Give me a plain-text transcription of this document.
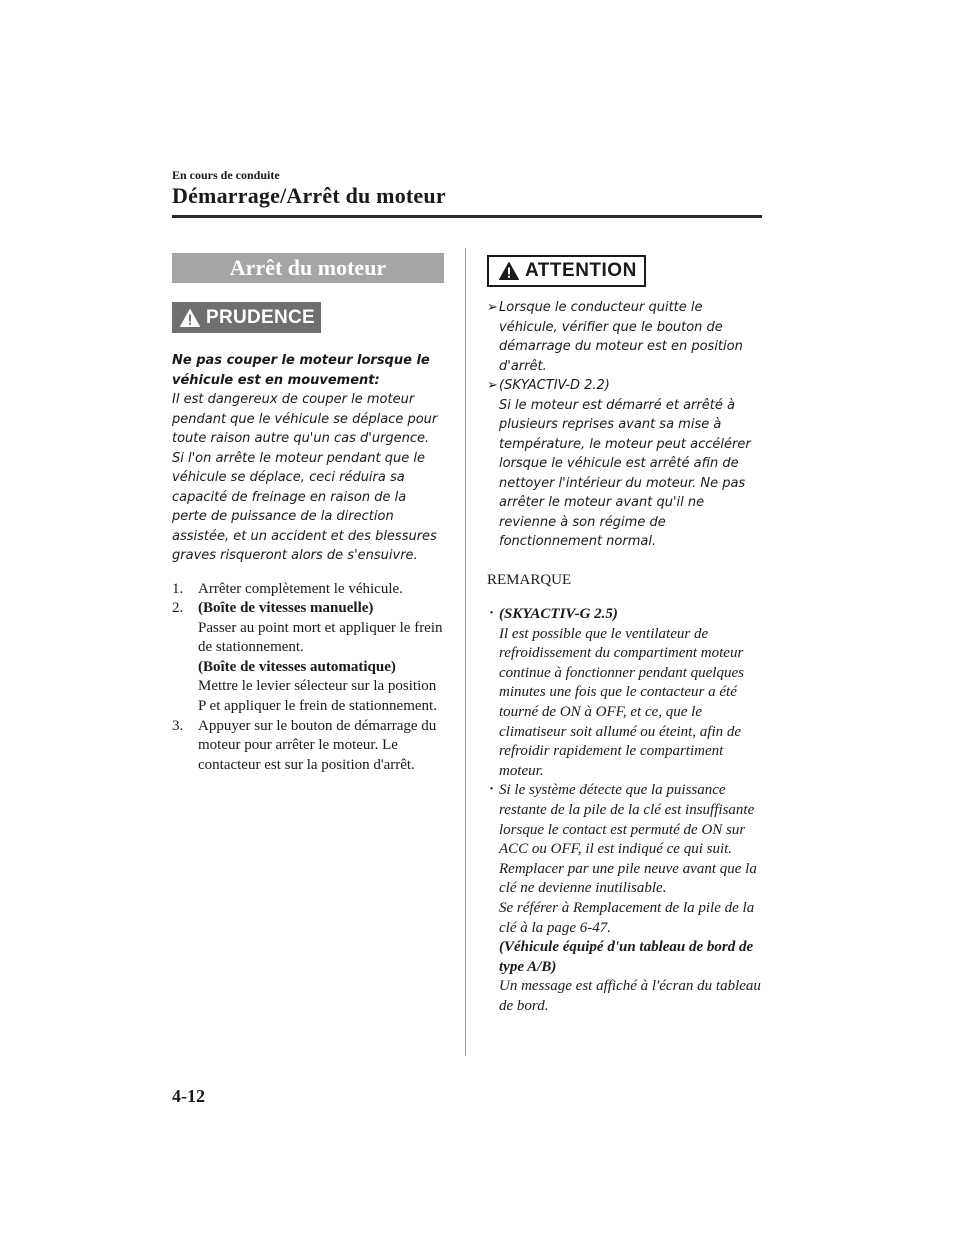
En cours de conduite
Démarrage/Arrêt du moteur
Arrêt du moteur
PRUDENCE
Ne pas couper le moteur lorsque le véhicule est en mouvement:
Il est dangereux de couper le moteur pendant que le véhicule se déplace pour toute raison autre qu'un cas d'urgence. Si l'on arrête le moteur pendant que le véhicule se déplace, ceci réduira sa capacité de freinage en raison de la perte de puissance de la direction assistée, et un accident et des blessures graves risqueront alors de s'ensuivre.
1. Arrêter complètement le véhicule.
2. (Boîte de vitesses manuelle)
Passer au point mort et appliquer le frein de stationnement.
(Boîte de vitesses automatique)
Mettre le levier sélecteur sur la position P et appliquer le frein de stationnement.
3. Appuyer sur le bouton de démarrage du moteur pour arrêter le moteur. Le contacteur est sur la position d'arrêt.
ATTENTION
➢ Lorsque le conducteur quitte le véhicule, vérifier que le bouton de démarrage du moteur est en position d'arrêt.
➢ (SKYACTIV-D 2.2)
Si le moteur est démarré et arrêté à plusieurs reprises avant sa mise à température, le moteur peut accélérer lorsque le véhicule est arrêté afin de nettoyer l'intérieur du moteur. Ne pas arrêter le moteur avant qu'il ne revienne à son régime de fonctionnement normal.
REMARQUE
· (SKYACTIV-G 2.5)
Il est possible que le ventilateur de refroidissement du compartiment moteur continue à fonctionner pendant quelques minutes une fois que le contacteur a été tourné de ON à OFF, et ce, que le climatiseur soit allumé ou éteint, afin de refroidir rapidement le compartiment moteur.
· Si le système détecte que la puissance restante de la pile de la clé est insuffisante lorsque le contact est permuté de ON sur ACC ou OFF, il est indiqué ce qui suit.
Remplacer par une pile neuve avant que la clé ne devienne inutilisable.
Se référer à Remplacement de la pile de la clé à la page 6-47.
(Véhicule équipé d'un tableau de bord de type A/B)
Un message est affiché à l'écran du tableau de bord.
4-12
